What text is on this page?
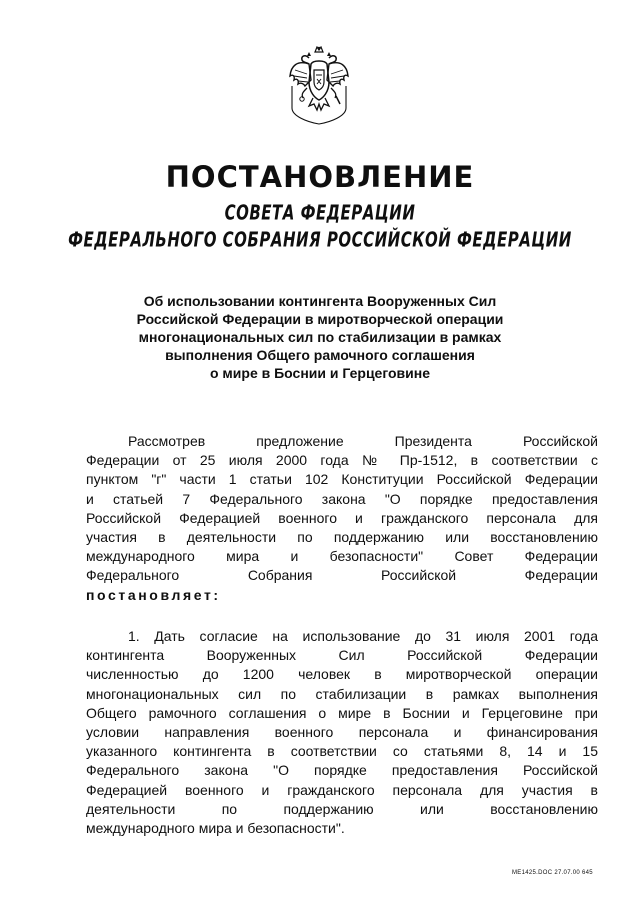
ПОСТАНОВЛЕНИЕ
СОВЕТА ФЕДЕРАЦИИ
ФЕДЕРАЛЬНОГО СОБРАНИЯ РОССИЙСКОЙ ФЕДЕРАЦИИ
Об использовании контингента Вооруженных Сил
Российской Федерации в миротворческой операции
многонациональных сил по стабилизации в рамках
выполнения Общего рамочного соглашения
о мире в Боснии и Герцеговине
Рассмотрев предложение Президента Российской
Федерации от 25 июля 2000 года № Пр-1512, в соответствии с
пунктом "г" части 1 статьи 102 Конституции Российской Федерации
и статьей 7 Федерального закона "О порядке предоставления
Российской Федерацией военного и гражданского персонала для
участия в деятельности по поддержанию или восстановлению
международного мира и безопасности" Совет Федерации
Федерального Собрания Российской Федерации
постановляет:
1. Дать согласие на использование до 31 июля 2001 года
контингента Вооруженных Сил Российской Федерации
численностью до 1200 человек в миротворческой операции
многонациональных сил по стабилизации в рамках выполнения
Общего рамочного соглашения о мире в Боснии и Герцеговине при
условии направления военного персонала и финансирования
указанного контингента в соответствии со статьями 8, 14 и 15
Федерального закона "О порядке предоставления Российской
Федерацией военного и гражданского персонала для участия в
деятельности по поддержанию или восстановлению
международного мира и безопасности".
ME1425.DOC 27.07.00 645
